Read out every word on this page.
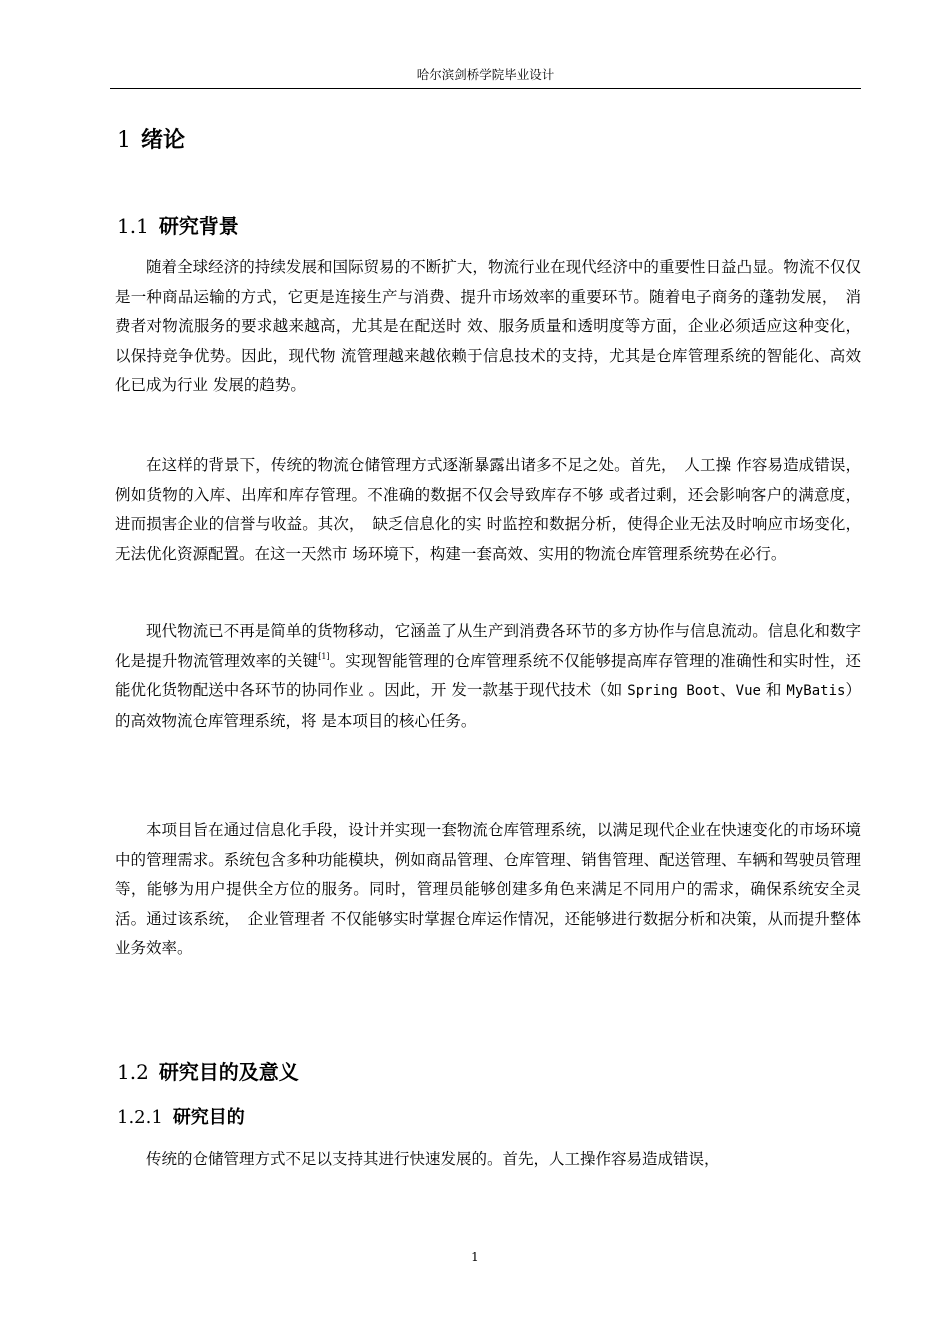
哈尔滨剑桥学院毕业设计
1 绪论
1.1 研究背景

随着全球经济的持续发展和国际贸易的不断扩大，物流行业在现代经济中的重要性日益凸显。物流不仅仅是一种商品运输的方式，它更是连接生产与消费、提升市场效率的重要环节。随着电子商务的蓬勃发展，　消费者对物流服务的要求越来越高，尤其是在配送时 效、服务质量和透明度等方面，企业必须适应这种变化，以保持竞争优势。因此，现代物 流管理越来越依赖于信息技术的支持，尤其是仓库管理系统的智能化、高效化已成为行业 发展的趋势。

在这样的背景下，传统的物流仓储管理方式逐渐暴露出诸多不足之处。首先，　人工操 作容易造成错误，例如货物的入库、出库和库存管理。不准确的数据不仅会导致库存不够 或者过剩，还会影响客户的满意度，进而损害企业的信誉与收益。其次，　缺乏信息化的实 时监控和数据分析，使得企业无法及时响应市场变化，无法优化资源配置。在这一天然市 场环境下，构建一套高效、实用的物流仓库管理系统势在必行。

现代物流已不再是简单的货物移动，它涵盖了从生产到消费各环节的多方协作与信息流动。信息化和数字化是提升物流管理效率的关键[1]。实现智能管理的仓库管理系统不仅能够提高库存管理的准确性和实时性，还能优化货物配送中各环节的协同作业 。因此，开 发一款基于现代技术（如 Spring Boot、Vue 和 MyBatis）的高效物流仓库管理系统，将 是本项目的核心任务。

本项目旨在通过信息化手段，设计并实现一套物流仓库管理系统，以满足现代企业在快速变化的市场环境中的管理需求。系统包含多种功能模块，例如商品管理、仓库管理、销售管理、配送管理、车辆和驾驶员管理等，能够为用户提供全方位的服务。同时，管理员能够创建多角色来满足不同用户的需求，确保系统安全灵活。通过该系统，　企业管理者 不仅能够实时掌握仓库运作情况，还能够进行数据分析和决策，从而提升整体业务效率。

1.2 研究目的及意义
1.2.1 研究目的

传统的仓储管理方式不足以支持其进行快速发展的。首先，人工操作容易造成错误，

1
